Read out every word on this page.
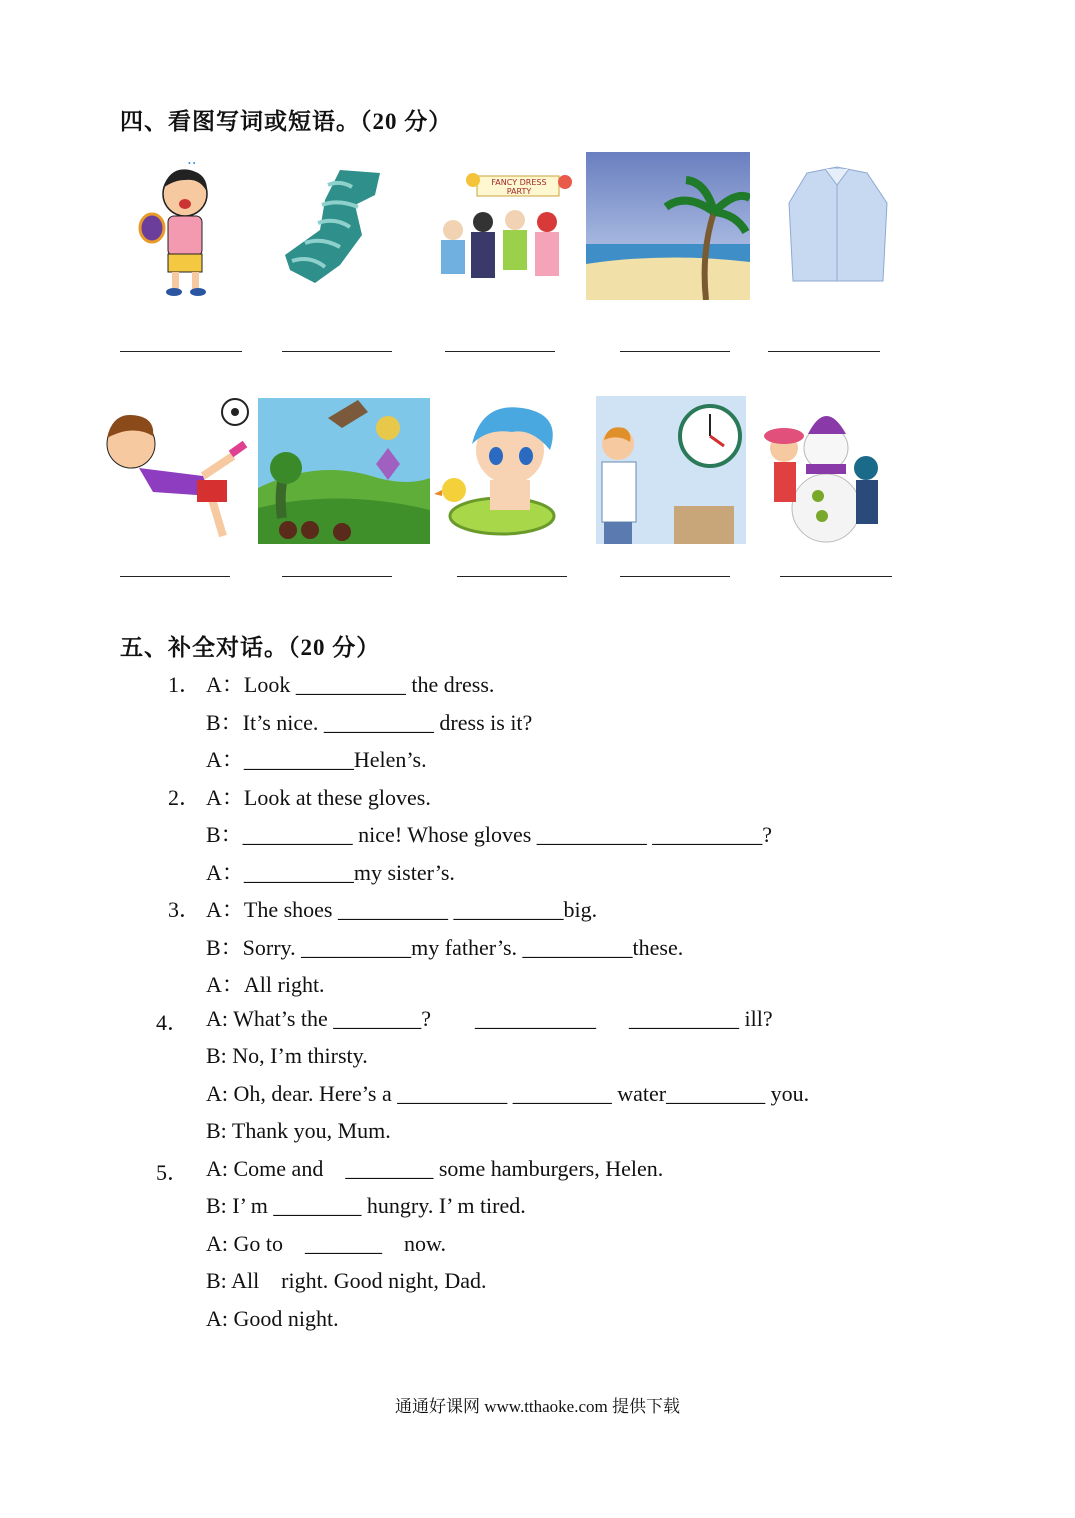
四、看图写词或短语。（20 分）
• •
FANCY DRESS PARTY
五、补全对话。（20 分）
1． A：Look __________ the dress.
B：It’s nice. __________ dress is it?
A：__________Helen’s.
2． A：Look at these gloves.
B：__________ nice! Whose gloves __________ __________?
A：__________my sister’s.
3． A：The shoes __________ __________big.
B：Sorry. __________my father’s. __________these.
A：All right.
4． A: What’s the ________?        ___________      __________ ill?
B: No, I’m thirsty.
A: Oh, dear. Here’s a __________ _________ water_________ you.
B: Thank you, Mum.
5． A: Come and    ________ some hamburgers, Helen.
B: I’ m ________ hungry. I’ m tired.
A: Go to    _______    now.
B: All    right. Good night, Dad.
A: Good night.
通通好课网 www.tthaoke.com 提供下载
